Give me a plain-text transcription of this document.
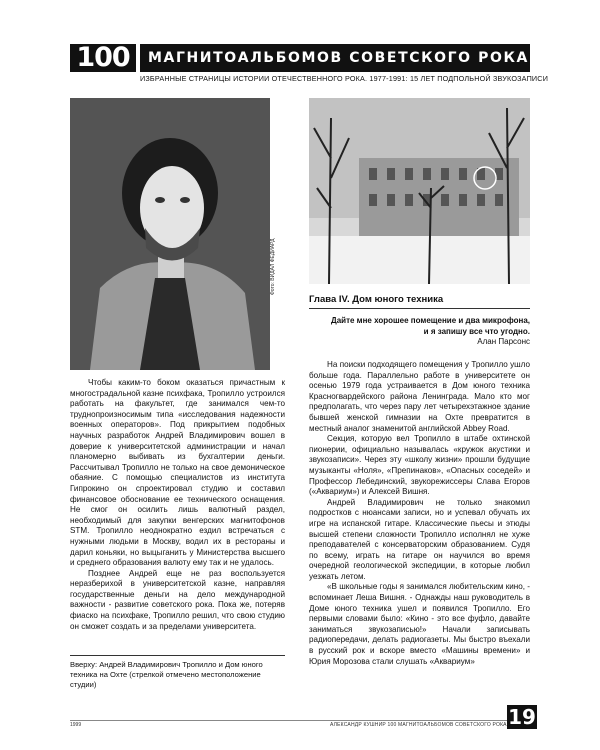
100	МАГНИТОАЛЬБОМОВ СОВЕТСКОГО РОКА
ИЗБРАННЫЕ СТРАНИЦЫ ИСТОРИИ ОТЕЧЕСТВЕННОГО РОКА. 1977-1991: 15 ЛЕТ ПОДПОЛЬНОЙ ЗВУКОЗАПИСИ
Фото: ВИДАЛ ФЕДИАРД

Чтобы каким-то боком оказаться причастным к многострадальной казне психфака, Тропилло устроился работать на факультет, где занимался чем-то труднопроизносимым типа «исследования надежности военных операторов». Под прикрытием подобных научных разработок Андрей Владимирович вошел в доверие к университетской администрации и начал планомерно выбивать из бухгалтерии деньги. Рассчитывал Тропилло не только на свое демоническое обаяние. С помощью специалистов из института Гипрокино он спроектировал студию и составил финансовое обоснование ее технического оснащения. Не смог он осилить лишь валютный раздел, необходимый для закупки венгерских магнитофонов STM. Тропилло неоднократно ездил встречаться с нужными людьми в Москву, водил их в рестораны и дарил коньяки, но выцыганить у Министерства высшего и среднего образования валюту ему так и не удалось.

Позднее Андрей еще не раз воспользуется неразберихой в университетской казне, направляя государственные деньги на дело международной важности - развитие советского рока. Пока же, потеряв фиаско на психфаке, Тропилло решил, что свою студию он сможет создать и за пределами университета.

Вверху: Андрей Владимирович Тропилло и Дом юного техника на Охте (стрелкой отмечено местоположение студии)
Глава IV. Дом юного техника
Дайте мне хорошее помещение и два микрофона,
и я запишу все что угодно.
Алан Парсонс

На поиски подходящего помещения у Тропилло ушло больше года. Параллельно работе в университете он осенью 1979 года устраивается в Дом юного техника Красногвардейского района Ленинграда. Мало кто мог предполагать, что через пару лет четырехэтажное здание бывшей женской гимназии на Охте превратится в местный аналог знаменитой английской Abbey Road.

Секция, которую вел Тропилло в штабе охтинской пионерии, официально называлась «кружок акустики и звукозаписи». Через эту «школу жизни» прошли будущие музыканты «Ноля», «Препинаков», «Опасных соседей» и Профессор Лебединский, звукорежиссеры Слава Егоров («Аквариум») и Алексей Вишня.

Андрей Владимирович не только знакомил подростков с нюансами записи, но и успевал обучать их игре на испанской гитаре. Классические пьесы и этюды высшей степени сложности Тропилло исполнял не хуже преподавателей с консерваторским образованием. Судя по всему, играть на гитаре он научился во время очередной геологической экспедиции, в которые любил уезжать летом.

«В школьные годы я занимался любительским кино, - вспоминает Леша Вишня. - Однажды наш руководитель в Доме юного техника ушел и появился Тропилло. Его первыми словами было: «Кино - это все фуфло, давайте заниматься звукозаписью!» Начали записывать радиопередачи, делать радиогазеты. Мы быстро въехали в русский рок и вскоре вместо «Машины времени» и Юрия Морозова стали слушать «Аквариум»

1999	АЛЕКСАНДР КУШНИР 100 МАГНИТОАЛЬБОМОВ СОВЕТСКОГО РОКА 19
